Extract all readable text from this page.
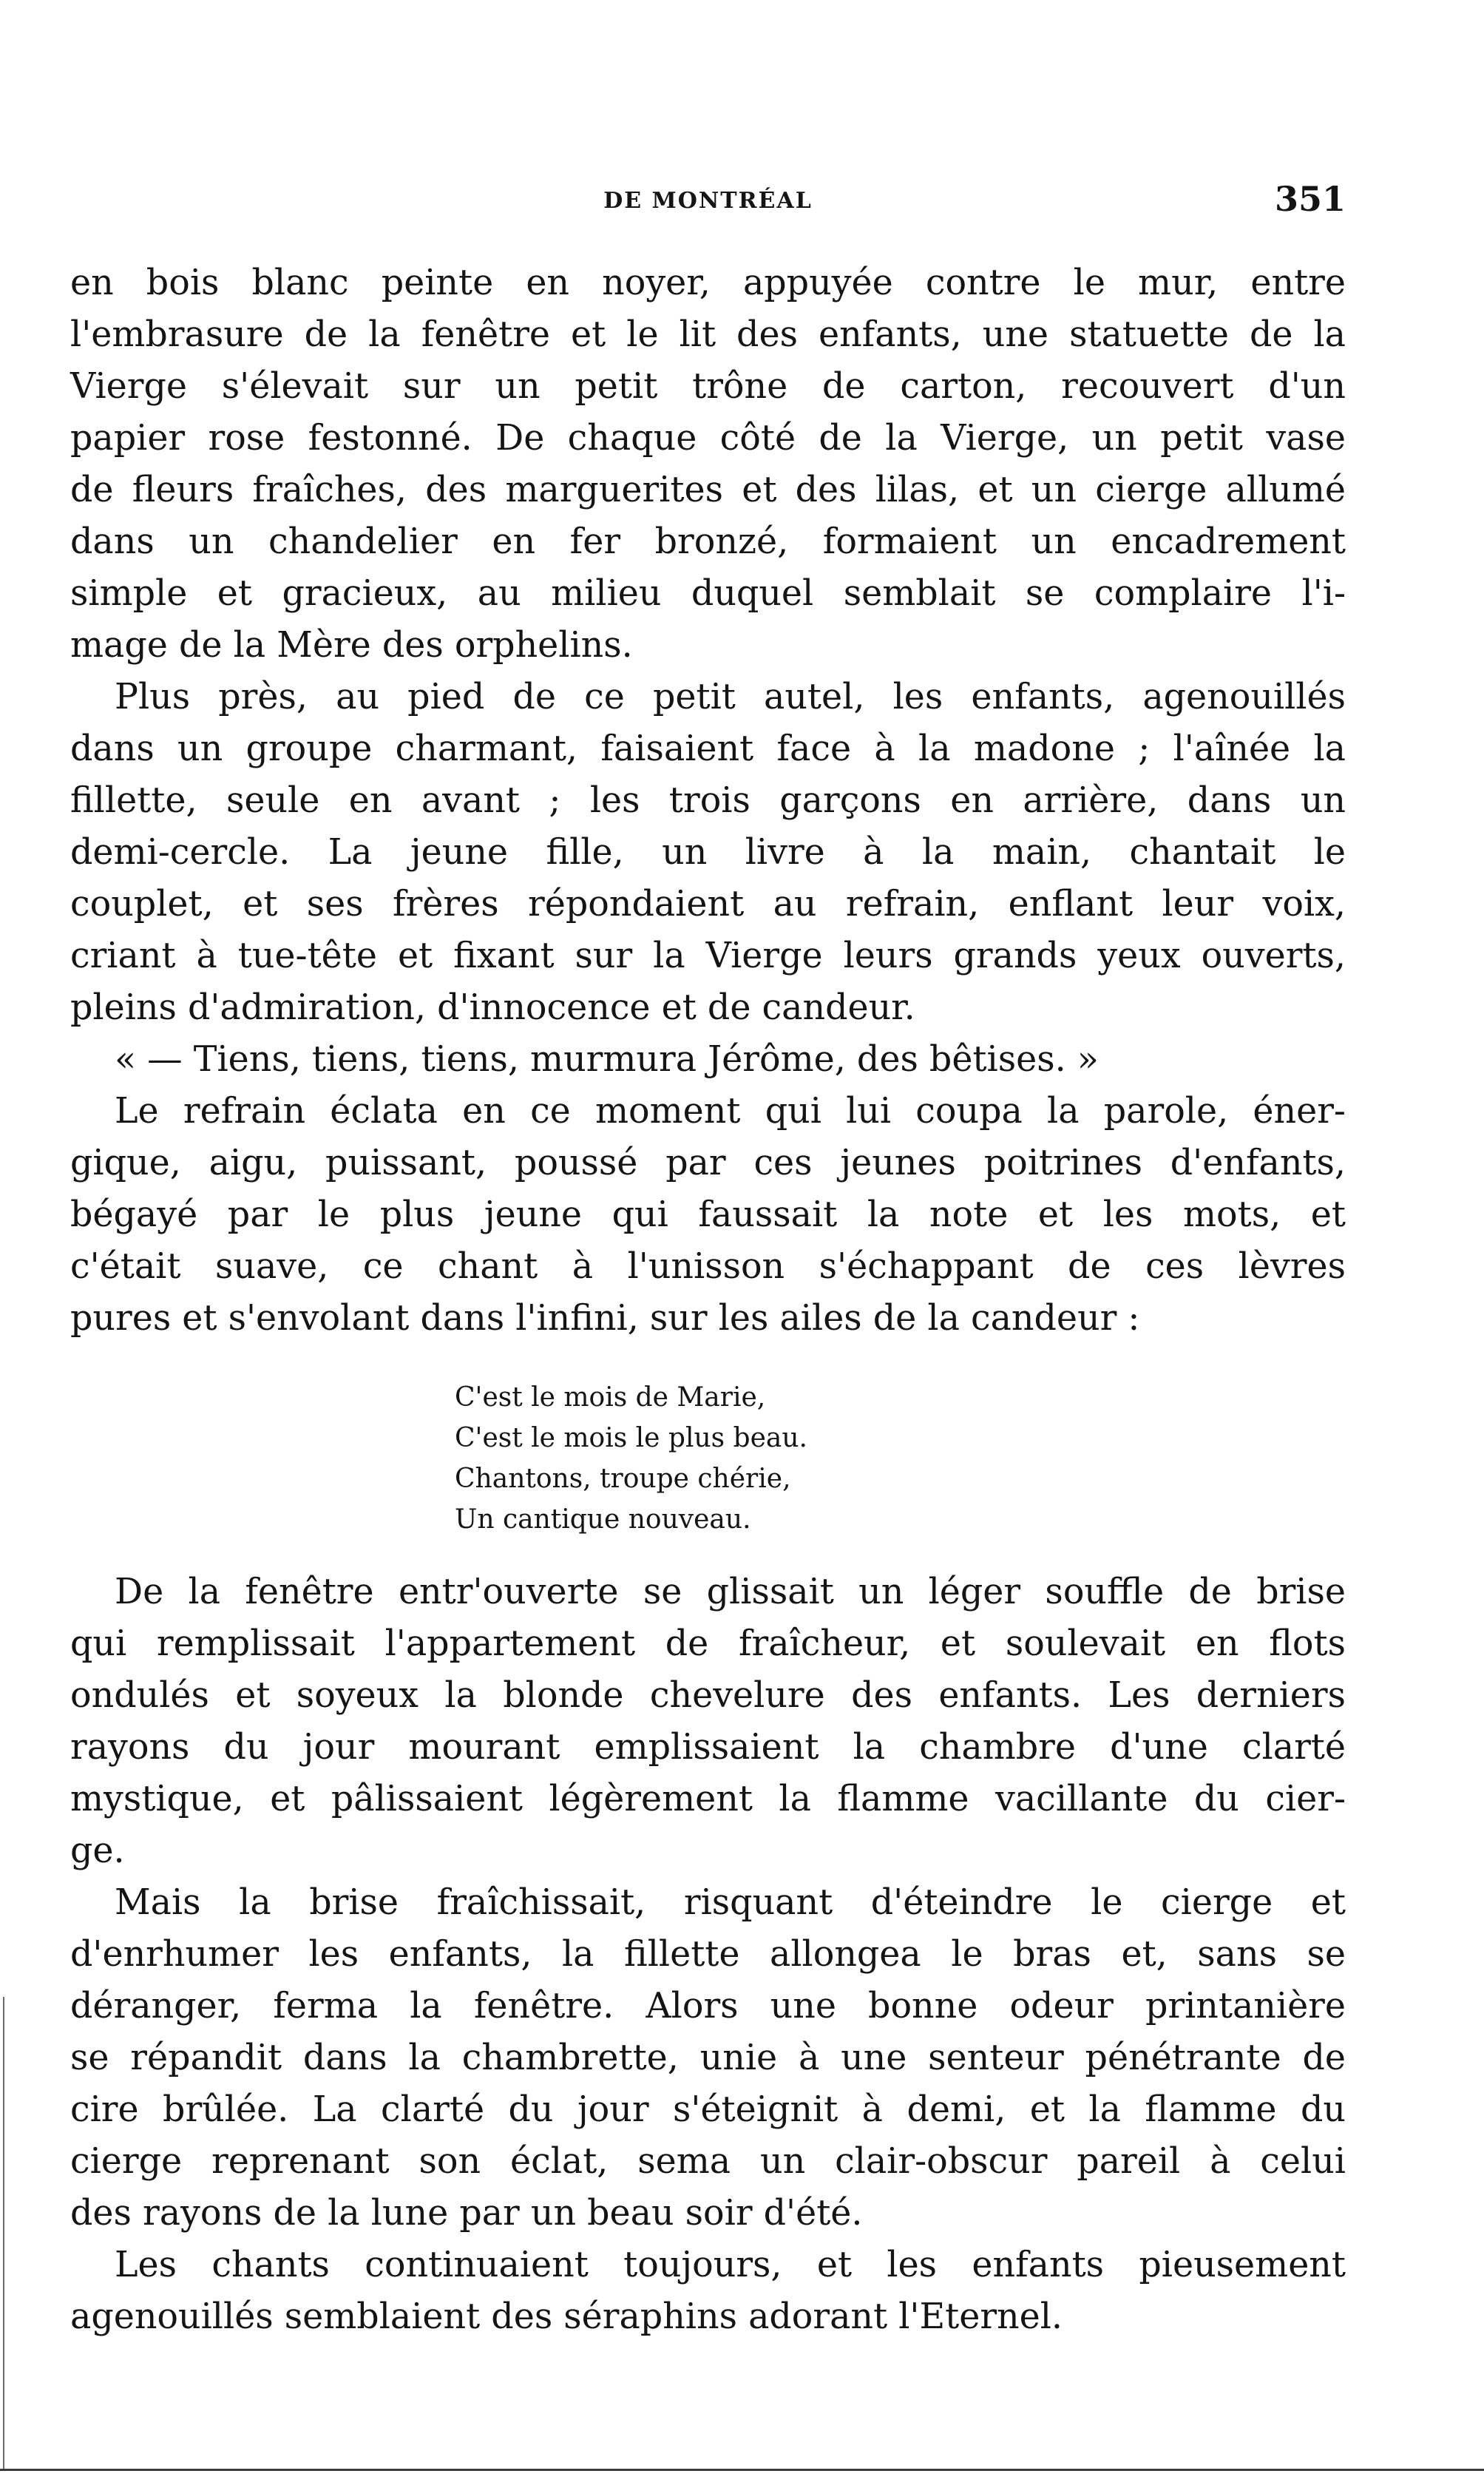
DE MONTRÉAL	351
en bois blanc peinte en noyer, appuyée contre le mur, entre
l'embrasure de la fenêtre et le lit des enfants, une statuette de la
Vierge s'élevait sur un petit trône de carton, recouvert d'un
papier rose festonné. De chaque côté de la Vierge, un petit vase
de fleurs fraîches, des marguerites et des lilas, et un cierge allumé
dans un chandelier en fer bronzé, formaient un encadrement
simple et gracieux, au milieu duquel semblait se complaire l'i-
mage de la Mère des orphelins.
Plus près, au pied de ce petit autel, les enfants, agenouillés
dans un groupe charmant, faisaient face à la madone ; l'aînée la
fillette, seule en avant ; les trois garçons en arrière, dans un
demi-cercle. La jeune fille, un livre à la main, chantait le
couplet, et ses frères répondaient au refrain, enflant leur voix,
criant à tue-tête et fixant sur la Vierge leurs grands yeux ouverts,
pleins d'admiration, d'innocence et de candeur.
« — Tiens, tiens, tiens, murmura Jérôme, des bêtises. »
Le refrain éclata en ce moment qui lui coupa la parole, éner-
gique, aigu, puissant, poussé par ces jeunes poitrines d'enfants,
bégayé par le plus jeune qui faussait la note et les mots, et
c'était suave, ce chant à l'unisson s'échappant de ces lèvres
pures et s'envolant dans l'infini, sur les ailes de la candeur :
C'est le mois de Marie,
C'est le mois le plus beau.
Chantons, troupe chérie,
Un cantique nouveau.
De la fenêtre entr'ouverte se glissait un léger souffle de brise
qui remplissait l'appartement de fraîcheur, et soulevait en flots
ondulés et soyeux la blonde chevelure des enfants. Les derniers
rayons du jour mourant emplissaient la chambre d'une clarté
mystique, et pâlissaient légèrement la flamme vacillante du cier-
ge.
Mais la brise fraîchissait, risquant d'éteindre le cierge et
d'enrhumer les enfants, la fillette allongea le bras et, sans se
déranger, ferma la fenêtre. Alors une bonne odeur printanière
se répandit dans la chambrette, unie à une senteur pénétrante de
cire brûlée. La clarté du jour s'éteignit à demi, et la flamme du
cierge reprenant son éclat, sema un clair-obscur pareil à celui
des rayons de la lune par un beau soir d'été.
Les chants continuaient toujours, et les enfants pieusement
agenouillés semblaient des séraphins adorant l'Eternel.
